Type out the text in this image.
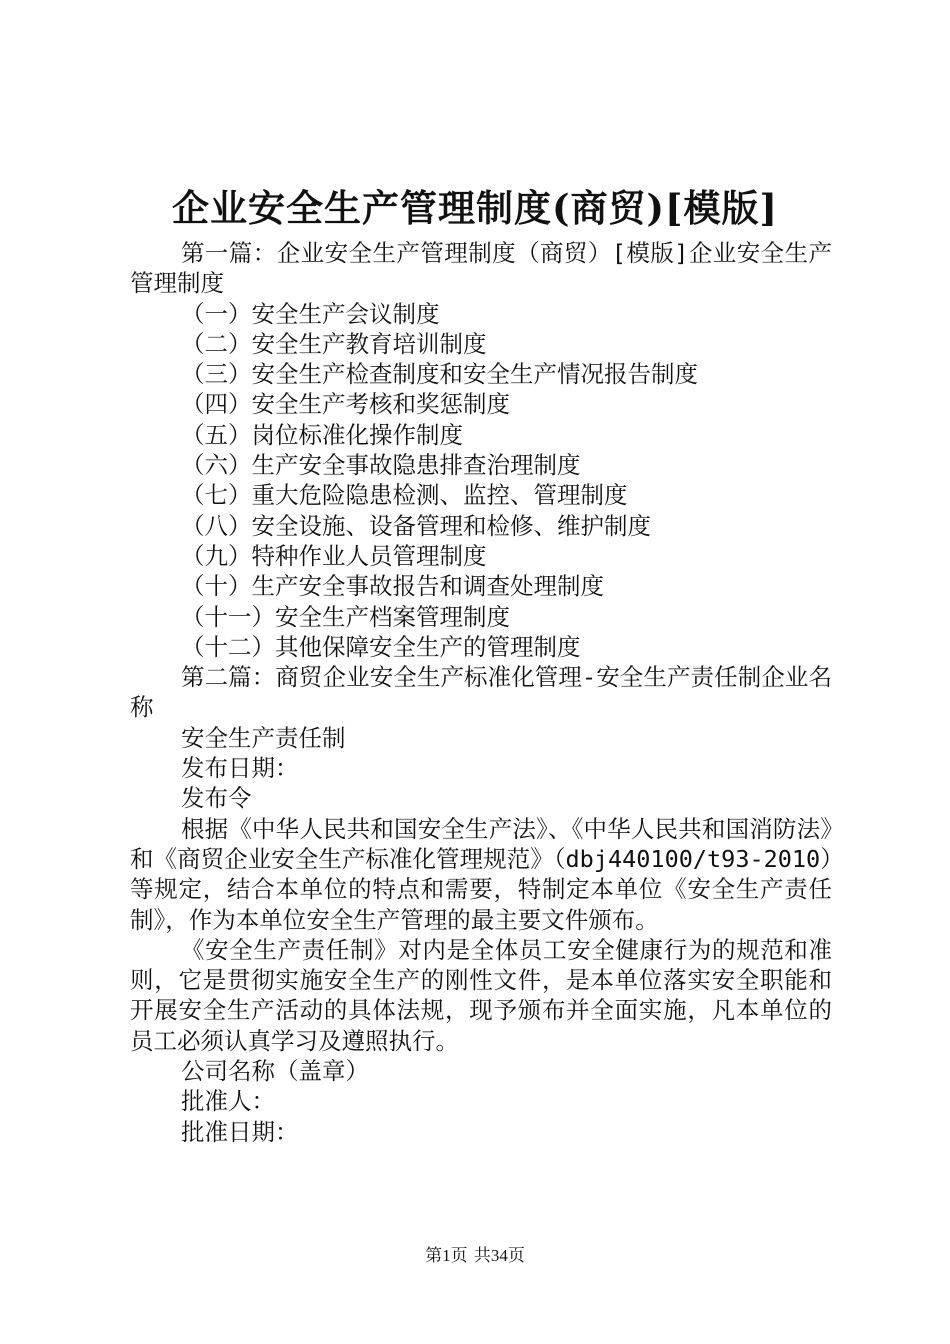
企业安全生产管理制度(商贸)[模版]

第一篇：企业安全生产管理制度（商贸）[模版]企业安全生产管理制度

（一）安全生产会议制度

（二）安全生产教育培训制度

（三）安全生产检查制度和安全生产情况报告制度

（四）安全生产考核和奖惩制度

（五）岗位标准化操作制度

（六）生产安全事故隐患排查治理制度

（七）重大危险隐患检测、监控、管理制度

（八）安全设施、设备管理和检修、维护制度

（九）特种作业人员管理制度

（十）生产安全事故报告和调查处理制度

（十一）安全生产档案管理制度

（十二）其他保障安全生产的管理制度

第二篇：商贸企业安全生产标准化管理-安全生产责任制企业名称

安全生产责任制

发布日期：

发布令

根据《中华人民共和国安全生产法》、《中华人民共和国消防法》和《商贸企业安全生产标准化管理规范》（dbj440100/t93-2010）等规定，结合本单位的特点和需要，特制定本单位《安全生产责任制》，作为本单位安全生产管理的最主要文件颁布。

《安全生产责任制》对内是全体员工安全健康行为的规范和准则，它是贯彻实施安全生产的刚性文件，是本单位落实安全职能和开展安全生产活动的具体法规，现予颁布并全面实施，凡本单位的员工必须认真学习及遵照执行。

公司名称（盖章）

批准人：

批准日期：

第1页 共34页
